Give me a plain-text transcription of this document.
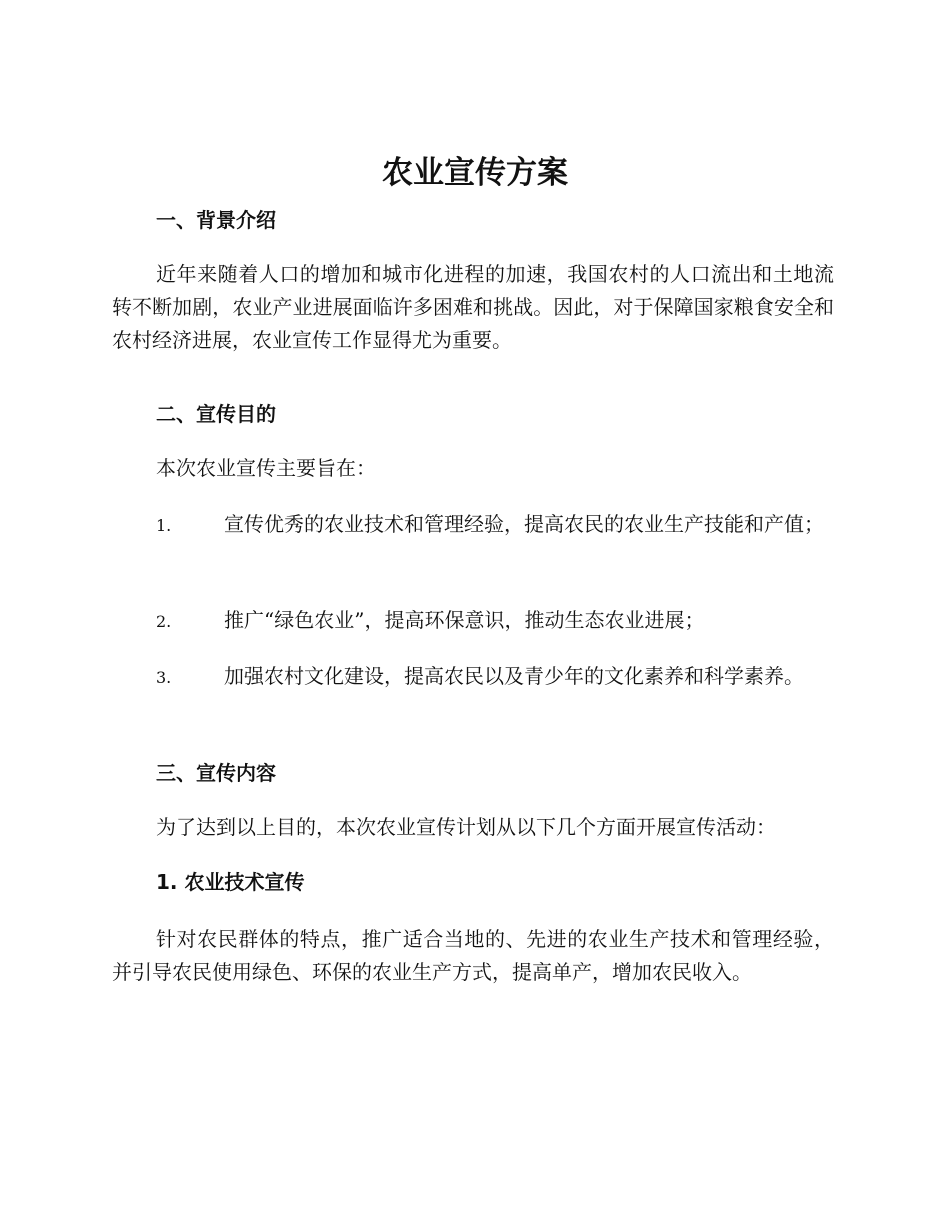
农业宣传方案
一、背景介绍

近年来随着人口的增加和城市化进程的加速，我国农村的人口流出和土地流转不断加剧，农业产业进展面临许多困难和挑战。因此，对于保障国家粮食安全和农村经济进展，农业宣传工作显得尤为重要。

二、宣传目的

本次农业宣传主要旨在：

1.	宣传优秀的农业技术和管理经验，提高农民的农业生产技能和产值；

2.	推广“绿色农业”，提高环保意识，推动生态农业进展；

3.	加强农村文化建设，提高农民以及青少年的文化素养和科学素养。

三、宣传内容

为了达到以上目的，本次农业宣传计划从以下几个方面开展宣传活动：

1. 农业技术宣传

针对农民群体的特点，推广适合当地的、先进的农业生产技术和管理经验，并引导农民使用绿色、环保的农业生产方式，提高单产，增加农民收入。
